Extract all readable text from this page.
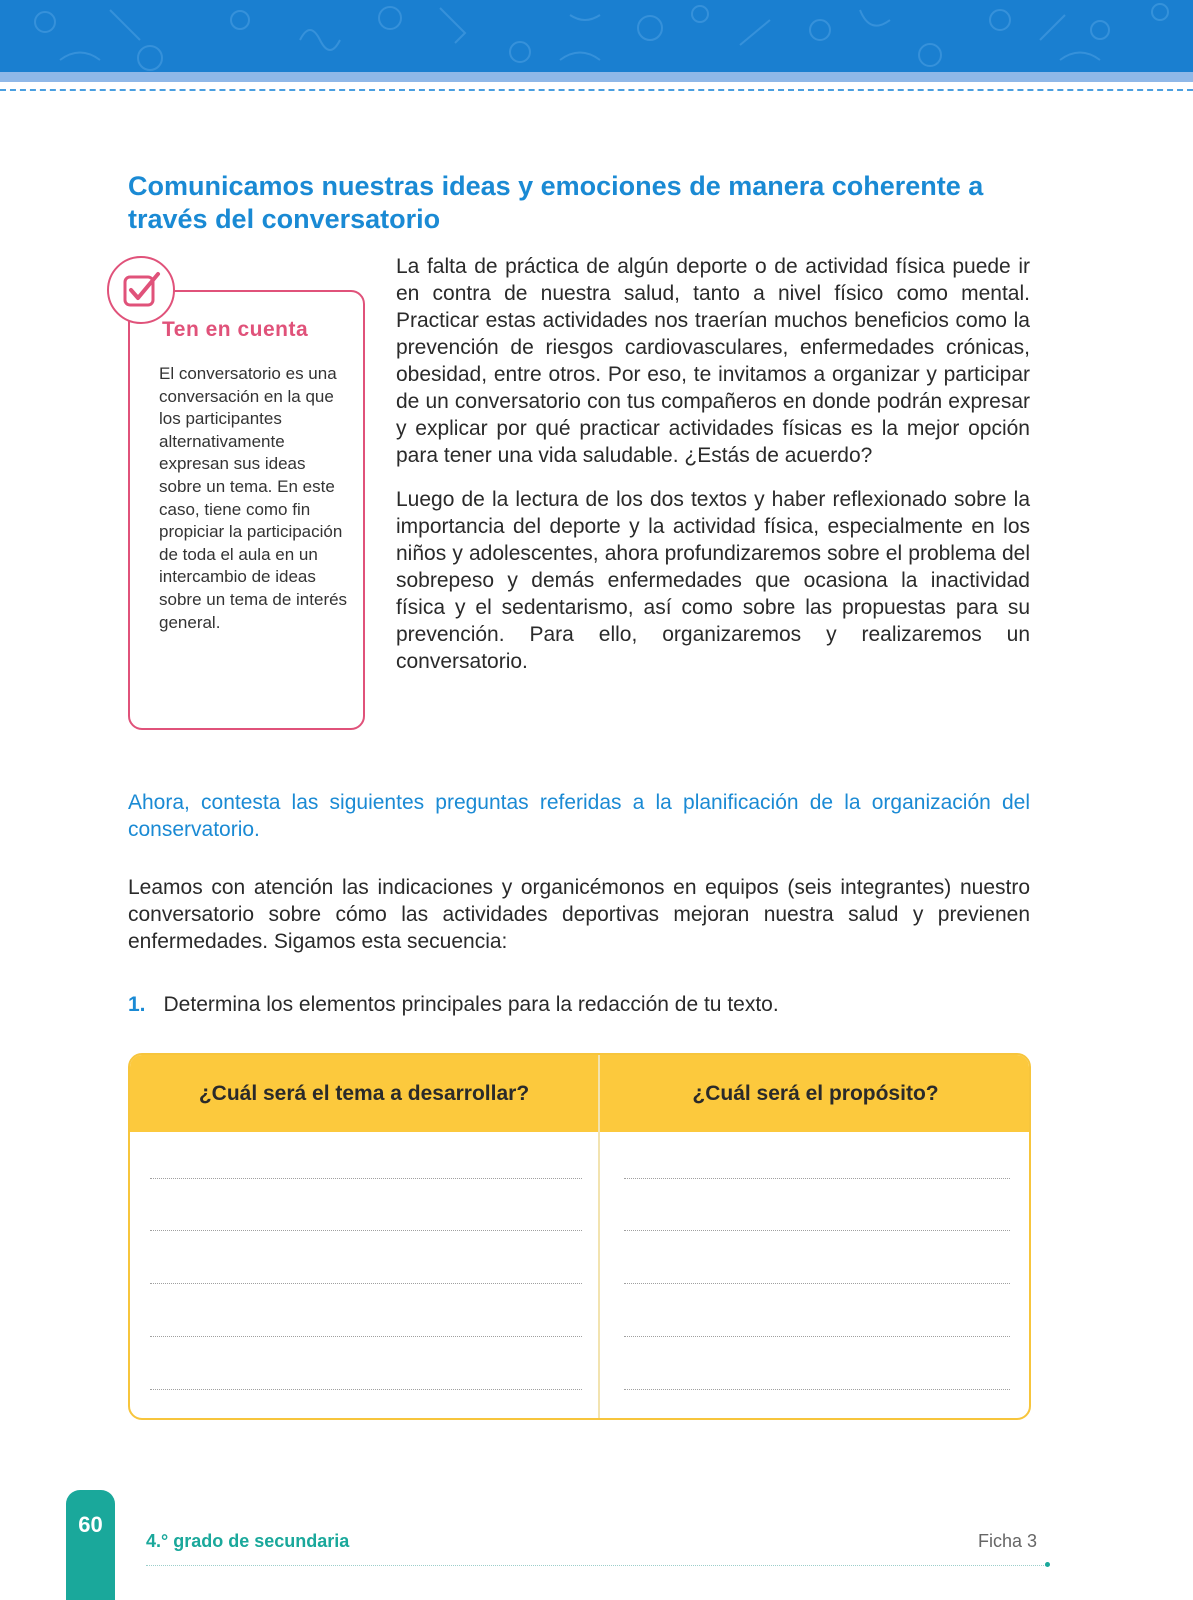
Comunicamos nuestras ideas y emociones de manera coherente a través del conversatorio
Ten en cuenta
El conversatorio es una conversación en la que los participantes alternativamente expresan sus ideas sobre un tema. En este caso, tiene como fin propiciar la participación de toda el aula en un intercambio de ideas sobre un tema de interés general.

La falta de práctica de algún deporte o de actividad física puede ir en contra de nuestra salud, tanto a nivel físico como mental. Practicar estas actividades nos traerían muchos beneficios como la prevención de riesgos cardiovasculares, enfermedades crónicas, obesidad, entre otros. Por eso, te invitamos a organizar y participar de un conversatorio con tus compañeros en donde podrán expresar y explicar por qué practicar actividades físicas es la mejor opción para tener una vida saludable. ¿Estás de acuerdo?

Luego de la lectura de los dos textos y haber reflexionado sobre la importancia del deporte y la actividad física, especialmente en los niños y adolescentes, ahora profundizaremos sobre el problema del sobrepeso y demás enfermedades que ocasiona la inactividad física y el sedentarismo, así como sobre las propuestas para su prevención. Para ello, organizaremos y realizaremos un conversatorio.

Ahora, contesta las siguientes preguntas referidas a la planificación de la organización del conservatorio.
Leamos con atención las indicaciones y organicémonos en equipos (seis integrantes) nuestro conversatorio sobre cómo las actividades deportivas mejoran nuestra salud y previenen enfermedades. Sigamos esta secuencia:
1. Determina los elementos principales para la redacción de tu texto.
¿Cuál será el tema a desarrollar?	¿Cuál será el propósito?
60
4.° grado de secundaria	Ficha 3
